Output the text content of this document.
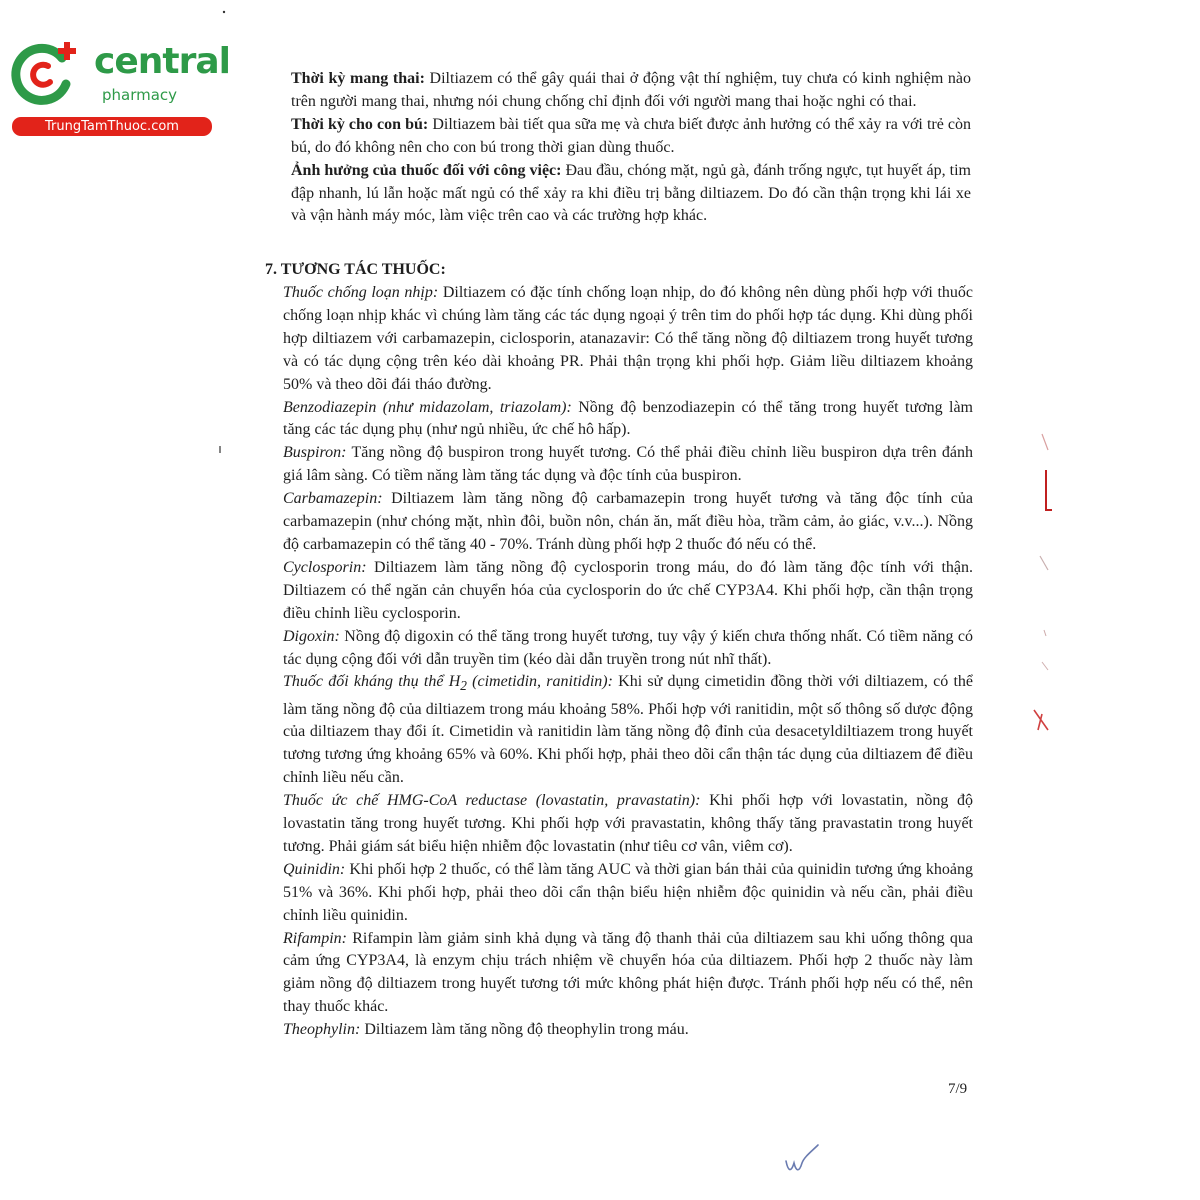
central
pharmacy
TrungTamThuoc.com

Thời kỳ mang thai: Diltiazem có thể gây quái thai ở động vật thí nghiệm, tuy chưa có kinh nghiệm nào trên người mang thai, nhưng nói chung chống chỉ định đối với người mang thai hoặc nghi có thai.

Thời kỳ cho con bú: Diltiazem bài tiết qua sữa mẹ và chưa biết được ảnh hưởng có thể xảy ra với trẻ còn bú, do đó không nên cho con bú trong thời gian dùng thuốc.

Ảnh hưởng của thuốc đối với công việc: Đau đầu, chóng mặt, ngủ gà, đánh trống ngực, tụt huyết áp, tim đập nhanh, lú lẫn hoặc mất ngủ có thể xảy ra khi điều trị bằng diltiazem. Do đó cần thận trọng khi lái xe và vận hành máy móc, làm việc trên cao và các trường hợp khác.

7. TƯƠNG TÁC THUỐC:

Thuốc chống loạn nhịp: Diltiazem có đặc tính chống loạn nhịp, do đó không nên dùng phối hợp với thuốc chống loạn nhịp khác vì chúng làm tăng các tác dụng ngoại ý trên tim do phối hợp tác dụng. Khi dùng phối hợp diltiazem với carbamazepin, ciclosporin, atanazavir: Có thể tăng nồng độ diltiazem trong huyết tương và có tác dụng cộng trên kéo dài khoảng PR. Phải thận trọng khi phối hợp. Giảm liều diltiazem khoảng 50% và theo dõi đái tháo đường.

Benzodiazepin (như midazolam, triazolam): Nồng độ benzodiazepin có thể tăng trong huyết tương làm tăng các tác dụng phụ (như ngủ nhiều, ức chế hô hấp).

Buspiron: Tăng nồng độ buspiron trong huyết tương. Có thể phải điều chỉnh liều buspiron dựa trên đánh giá lâm sàng. Có tiềm năng làm tăng tác dụng và độc tính của buspiron.

Carbamazepin: Diltiazem làm tăng nồng độ carbamazepin trong huyết tương và tăng độc tính của carbamazepin (như chóng mặt, nhìn đôi, buồn nôn, chán ăn, mất điều hòa, trầm cảm, ảo giác, v.v...). Nồng độ carbamazepin có thể tăng 40 - 70%. Tránh dùng phối hợp 2 thuốc đó nếu có thể.

Cyclosporin: Diltiazem làm tăng nồng độ cyclosporin trong máu, do đó làm tăng độc tính với thận. Diltiazem có thể ngăn cản chuyển hóa của cyclosporin do ức chế CYP3A4. Khi phối hợp, cần thận trọng điều chỉnh liều cyclosporin.

Digoxin: Nồng độ digoxin có thể tăng trong huyết tương, tuy vậy ý kiến chưa thống nhất. Có tiềm năng có tác dụng cộng đối với dẫn truyền tim (kéo dài dẫn truyền trong nút nhĩ thất).

Thuốc đối kháng thụ thể $H_2$ (cimetidin, ranitidin): Khi sử dụng cimetidin đồng thời với diltiazem, có thể làm tăng nồng độ của diltiazem trong máu khoảng 58%. Phối hợp với ranitidin, một số thông số dược động của diltiazem thay đổi ít. Cimetidin và ranitidin làm tăng nồng độ đỉnh của desacetyldiltiazem trong huyết tương tương ứng khoảng 65% và 60%. Khi phối hợp, phải theo dõi cẩn thận tác dụng của diltiazem để điều chỉnh liều nếu cần.

Thuốc ức chế HMG-CoA reductase (lovastatin, pravastatin): Khi phối hợp với lovastatin, nồng độ lovastatin tăng trong huyết tương. Khi phối hợp với pravastatin, không thấy tăng pravastatin trong huyết tương. Phải giám sát biểu hiện nhiễm độc lovastatin (như tiêu cơ vân, viêm cơ).

Quinidin: Khi phối hợp 2 thuốc, có thể làm tăng AUC và thời gian bán thải của quinidin tương ứng khoảng 51% và 36%. Khi phối hợp, phải theo dõi cẩn thận biểu hiện nhiễm độc quinidin và nếu cần, phải điều chỉnh liều quinidin.

Rifampin: Rifampin làm giảm sinh khả dụng và tăng độ thanh thải của diltiazem sau khi uống thông qua cảm ứng CYP3A4, là enzym chịu trách nhiệm về chuyển hóa của diltiazem. Phối hợp 2 thuốc này làm giảm nồng độ diltiazem trong huyết tương tới mức không phát hiện được. Tránh phối hợp nếu có thể, nên thay thuốc khác.

Theophylin: Diltiazem làm tăng nồng độ theophylin trong máu.

7/9
